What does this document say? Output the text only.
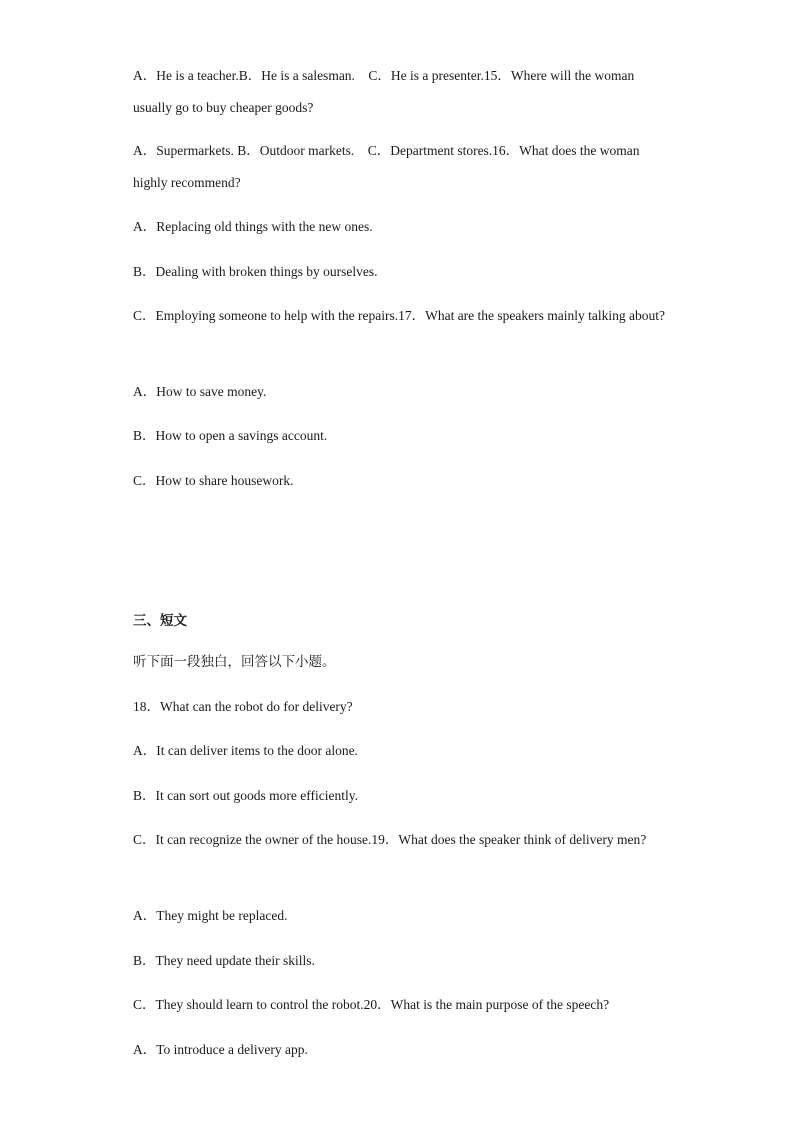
A．He is a teacher.B．He is a salesman.    C．He is a presenter.15．Where will the woman usually go to buy cheaper goods?
A．Supermarkets. B．Outdoor markets.    C．Department stores.16．What does the woman highly recommend?
A．Replacing old things with the new ones.
B．Dealing with broken things by ourselves.
C．Employing someone to help with the repairs.17．What are the speakers mainly talking about?
A．How to save money.
B．How to open a savings account.
C．How to share housework.
三、短文
听下面一段独白，回答以下小题。
18．What can the robot do for delivery?
A．It can deliver items to the door alone.
B．It can sort out goods more efficiently.
C．It can recognize the owner of the house.19．What does the speaker think of delivery men?
A．They might be replaced.
B．They need update their skills.
C．They should learn to control the robot.20．What is the main purpose of the speech?
A．To introduce a delivery app.
